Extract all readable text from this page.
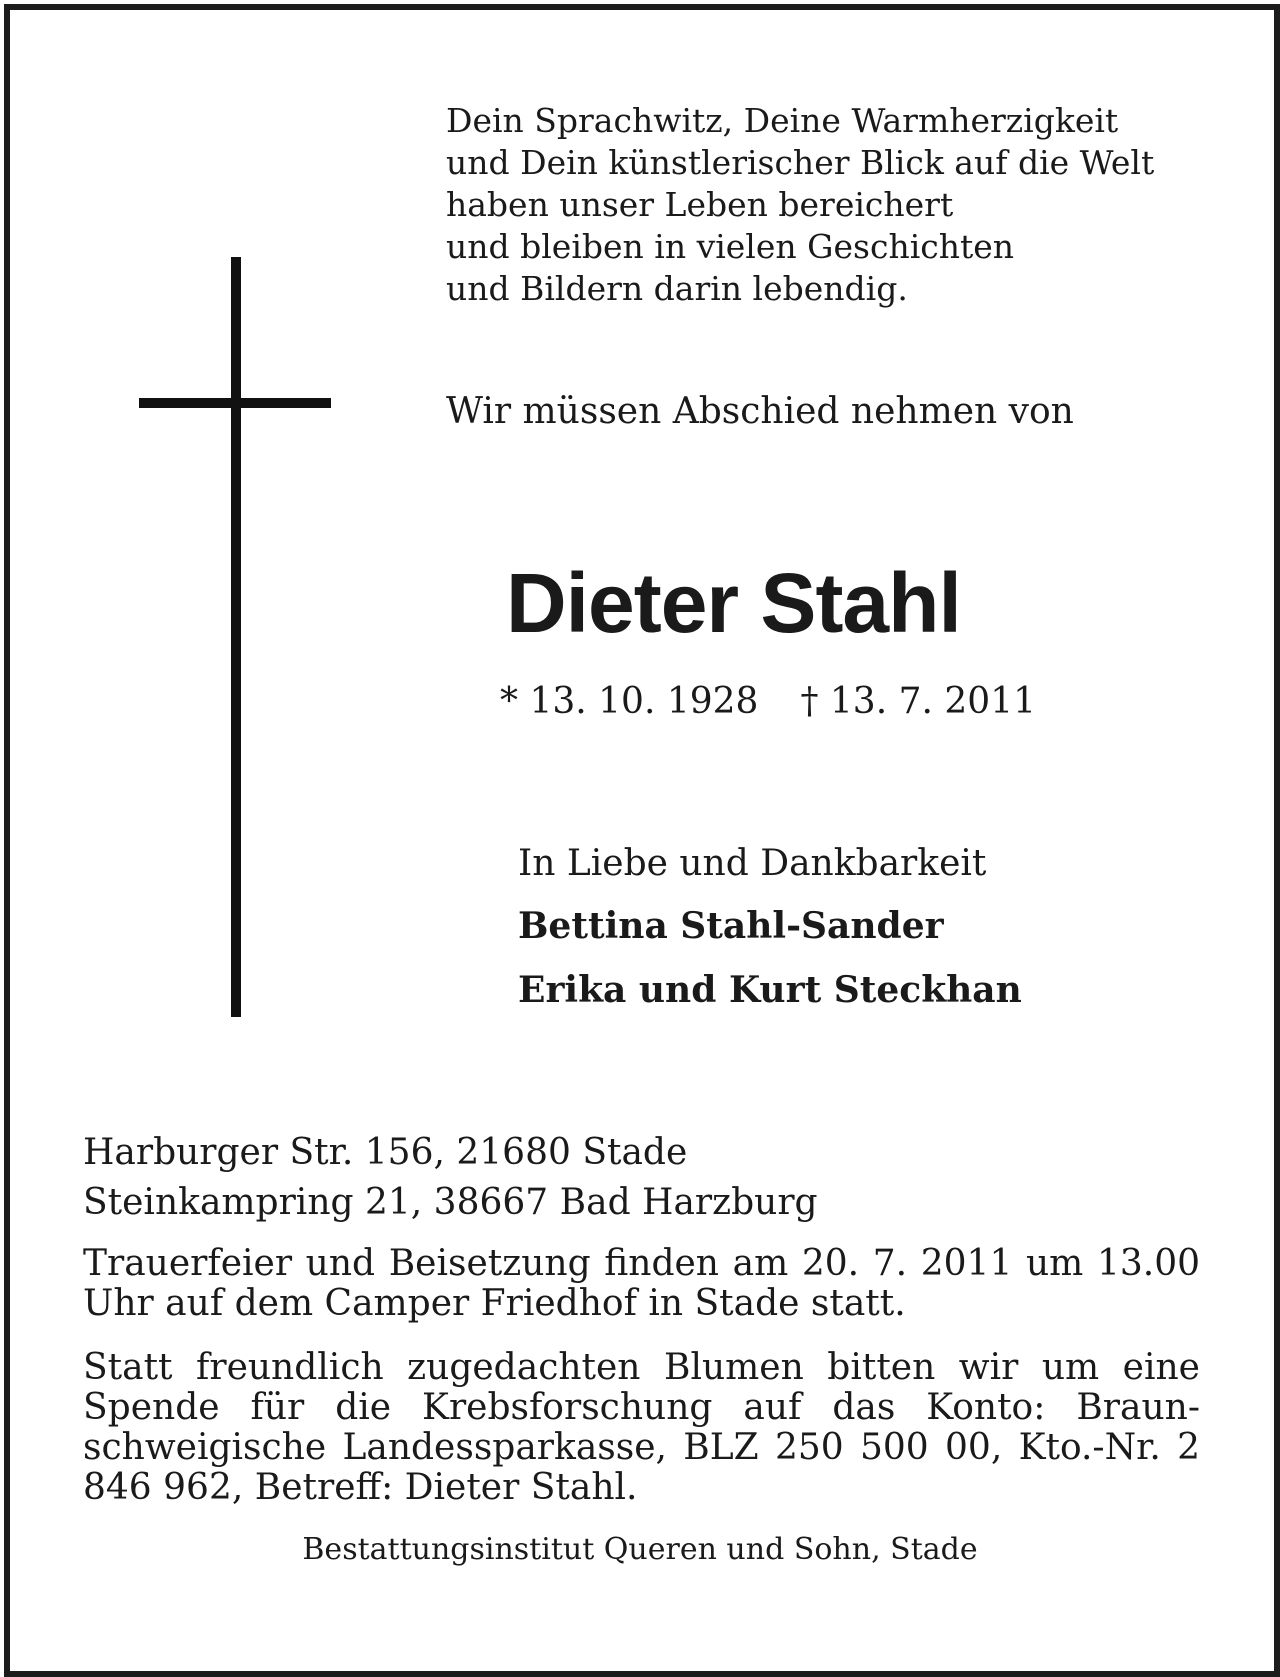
Dein Sprachwitz, Deine Warmherzigkeit
und Dein künstlerischer Blick auf die Welt
haben unser Leben bereichert
und bleiben in vielen Geschichten
und Bildern darin lebendig.
Wir müssen Abschied nehmen von
Dieter Stahl
* 13. 10. 1928 † 13. 7. 2011
In Liebe und Dankbarkeit
Bettina Stahl-Sander
Erika und Kurt Steckhan
Harburger Str. 156, 21680 Stade
Steinkampring 21, 38667 Bad Harzburg

Trauerfeier und Beisetzung finden am 20. 7. 2011 um 13.00 Uhr auf dem Camper Friedhof in Stade statt.

Statt freundlich zugedachten Blumen bitten wir um eine Spende für die Krebsforschung auf das Konto: Braun-schweigische Landessparkasse, BLZ 250 500 00, Kto.-Nr. 2 846 962, Betreff: Dieter Stahl.

Bestattungsinstitut Queren und Sohn, Stade
